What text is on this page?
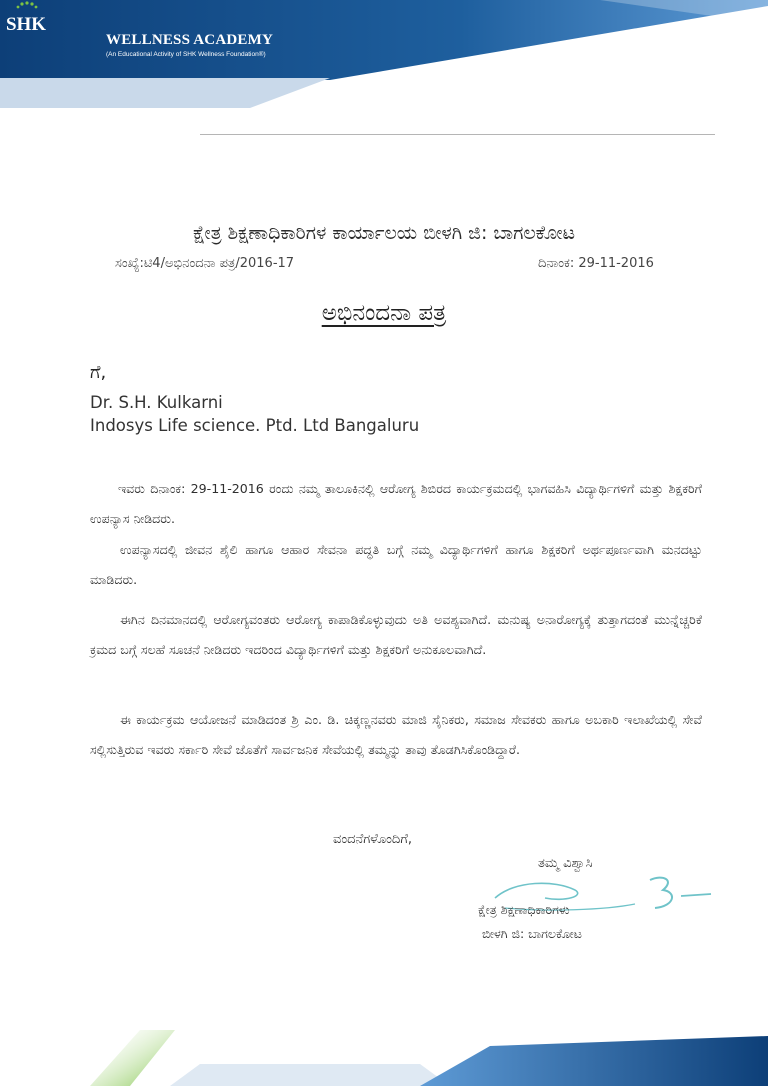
SHK
WELLNESS ACADEMY
(An Educational Activity of SHK Wellness Foundation®)
ಕ್ಷೇತ್ರ ಶಿಕ್ಷಣಾಧಿಕಾರಿಗಳ ಕಾರ್ಯಾಲಯ ಬೀಳಗಿ ಜಿ: ಬಾಗಲಕೋಟ
ಸಂಖ್ಯೆ:ಟಿ4/ಅಭಿನಂದನಾ ಪತ್ರ/2016-17	ದಿನಾಂಕ: 29-11-2016
ಅಭಿನಂದನಾ ಪತ್ರ
ಗೆ,
Dr. S.H. Kulkarni
Indosys Life science. Ptd. Ltd Bangaluru
ಇವರು ದಿನಾಂಕ: 29-11-2016 ರಂದು ನಮ್ಮ ತಾಲೂಕಿನಲ್ಲಿ ಆರೋಗ್ಯ ಶಿಬಿರದ ಕಾರ್ಯಕ್ರಮದಲ್ಲಿ ಭಾಗವಹಿಸಿ ವಿದ್ಯಾರ್ಥಿಗಳಿಗೆ ಮತ್ತು ಶಿಕ್ಷಕರಿಗೆ ಉಪನ್ಯಾಸ ನೀಡಿದರು.
ಉಪನ್ಯಾಸದಲ್ಲಿ ಜೀವನ ಶೈಲಿ ಹಾಗೂ ಆಹಾರ ಸೇವನಾ ಪದ್ಧತಿ ಬಗ್ಗೆ ನಮ್ಮ ವಿದ್ಯಾರ್ಥಿಗಳಿಗೆ ಹಾಗೂ ಶಿಕ್ಷಕರಿಗೆ ಅರ್ಥಪೂರ್ಣವಾಗಿ ಮನದಟ್ಟು ಮಾಡಿದರು.
ಈಗಿನ ದಿನಮಾನದಲ್ಲಿ ಆರೋಗ್ಯವಂತರು ಆರೋಗ್ಯ ಕಾಪಾಡಿಕೊಳ್ಳುವುದು ಅತಿ ಅವಶ್ಯವಾಗಿದೆ. ಮನುಷ್ಯ ಅನಾರೋಗ್ಯಕ್ಕೆ ತುತ್ತಾಗದಂತೆ ಮುನ್ನೆಚ್ಚರಿಕೆ ಕ್ರಮದ ಬಗ್ಗೆ ಸಲಹೆ ಸೂಚನೆ ನೀಡಿದರು ಇದರಿಂದ ವಿದ್ಯಾರ್ಥಿಗಳಿಗೆ ಮತ್ತು ಶಿಕ್ಷಕರಿಗೆ ಅನುಕೂಲವಾಗಿದೆ.
ಈ ಕಾರ್ಯಕ್ರಮ ಆಯೋಜನೆ ಮಾಡಿದಂತ ಶ್ರಿ ಎಂ. ಡಿ. ಚಿಕ್ಕಣ್ಣನವರು ಮಾಜಿ ಸೈನಿಕರು, ಸಮಾಜ ಸೇವಕರು ಹಾಗೂ ಅಬಕಾರಿ ಇಲಾಖೆಯಲ್ಲಿ ಸೇವೆ ಸಲ್ಲಿಸುತ್ತಿರುವ ಇವರು ಸರ್ಕಾರಿ ಸೇವೆ ಜೊತೆಗೆ ಸಾರ್ವಜನಿಕ ಸೇವೆಯಲ್ಲಿ ತಮ್ಮನ್ನು ತಾವು ತೊಡಗಿಸಿಕೊಂಡಿದ್ದಾರೆ.
ವಂದನೆಗಳೊಂದಿಗೆ,
ತಮ್ಮ ವಿಶ್ವಾಸಿ
ಕ್ಷೇತ್ರ ಶಿಕ್ಷಣಾಧಿಕಾರಿಗಳು
ಬೀಳಗಿ ಜಿ: ಬಾಗಲಕೋಟ
